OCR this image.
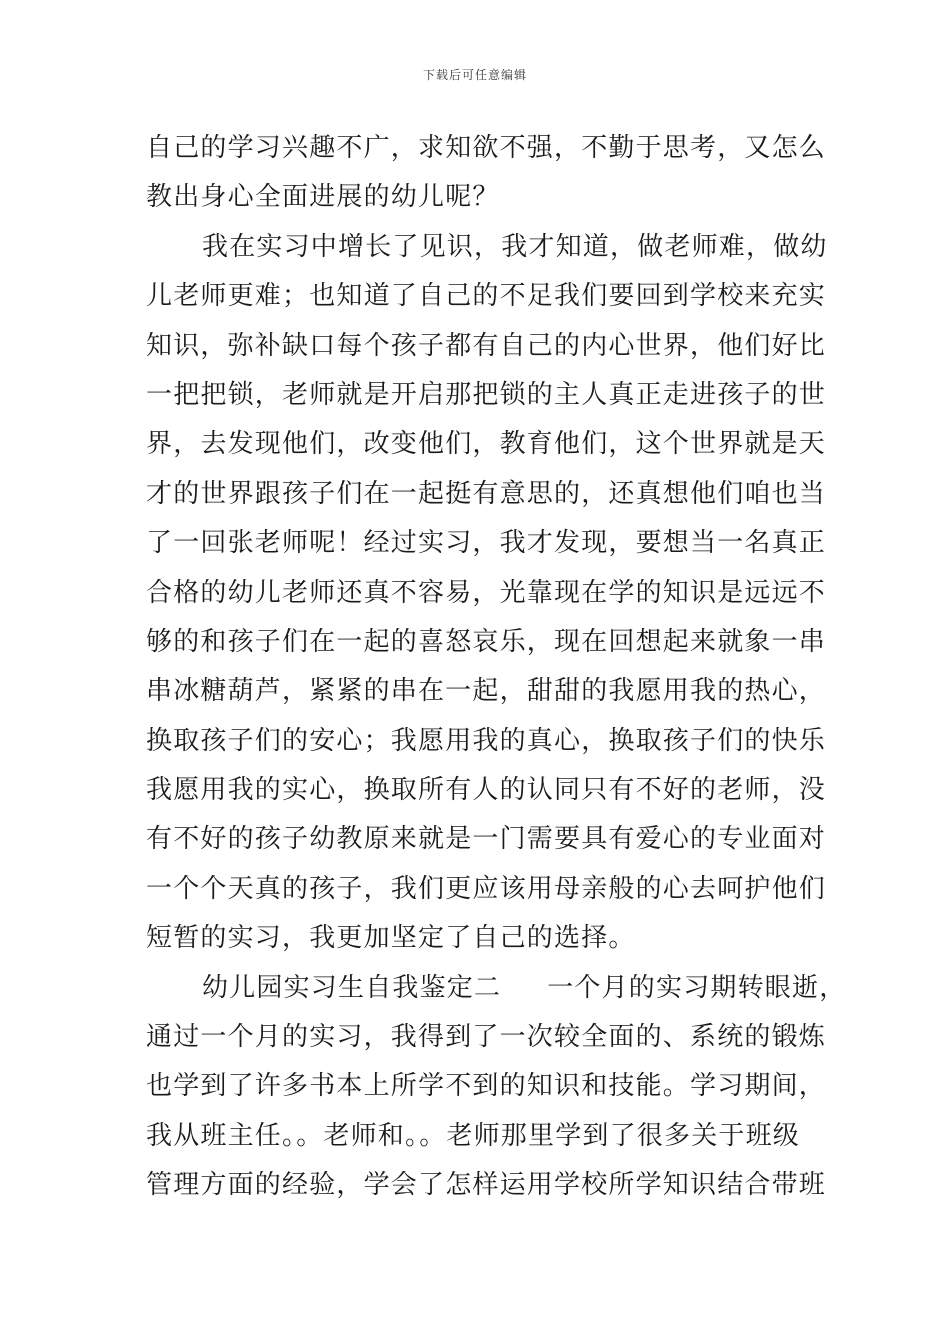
下载后可任意编辑
自己的学习兴趣不广，求知欲不强，不勤于思考，又怎么
教出身心全面进展的幼儿呢？
我在实习中增长了见识，我才知道，做老师难，做幼
儿老师更难；也知道了自己的不足我们要回到学校来充实
知识，弥补缺口每个孩子都有自己的内心世界，他们好比
一把把锁，老师就是开启那把锁的主人真正走进孩子的世
界，去发现他们，改变他们，教育他们，这个世界就是天
才的世界跟孩子们在一起挺有意思的，还真想他们咱也当
了一回张老师呢！经过实习，我才发现，要想当一名真正
合格的幼儿老师还真不容易，光靠现在学的知识是远远不
够的和孩子们在一起的喜怒哀乐，现在回想起来就象一串
串冰糖葫芦，紧紧的串在一起，甜甜的我愿用我的热心，
换取孩子们的安心；我愿用我的真心，换取孩子们的快乐
我愿用我的实心，换取所有人的认同只有不好的老师，没
有不好的孩子幼教原来就是一门需要具有爱心的专业面对
一个个天真的孩子，我们更应该用母亲般的心去呵护他们
短暂的实习，我更加坚定了自己的选择。
幼儿园实习生自我鉴定二 一个月的实习期转眼逝，
通过一个月的实习，我得到了一次较全面的、系统的锻炼
也学到了许多书本上所学不到的知识和技能。学习期间，
我从班主任。。老师和。。老师那里学到了很多关于班级
管理方面的经验，学会了怎样运用学校所学知识结合带班
